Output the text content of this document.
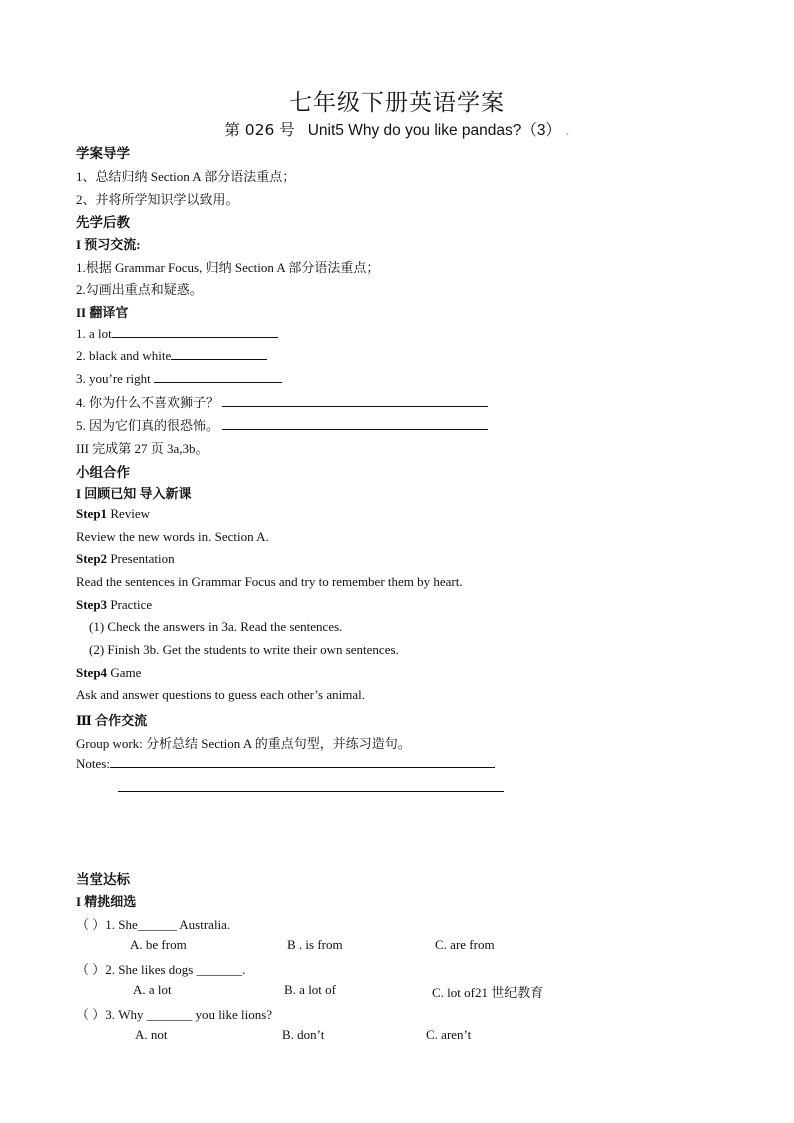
七年级下册英语学案
第 026 号 Unit5 Why do you like pandas?（3） .
学案导学
1、总结归纳 Section A 部分语法重点；
2、并将所学知识学以致用。
先学后教
I 预习交流:
1.根据 Grammar Focus, 归纳 Section A 部分语法重点；
2.勾画出重点和疑惑。
II 翻译官
1. a lot
2. black and white
3. you’re right
4. 你为什么不喜欢狮子？
5. 因为它们真的很恐怖。
III 完成第 27 页 3a,3b。
小组合作
I 回顾已知 导入新课
Step1 Review
Review the new words in. Section A.
Step2 Presentation
Read the sentences in Grammar Focus and try to remember them by heart.
Step3 Practice
(1) Check the answers in 3a. Read the sentences.
(2) Finish 3b. Get the students to write their own sentences.
Step4 Game
Ask and answer questions to guess each other’s animal.
Ⅲ 合作交流
Group work: 分析总结 Section A 的重点句型，并练习造句。
Notes:
当堂达标
I 精挑细选
（ ）1. She______ Australia.
A. be from	B . is from	C. are from
（ ）2. She likes dogs _______.
A. a lot	B. a lot of	C. lot of21 世纪教育
（ ）3. Why _______ you like lions?
A. not	B. don’t	C. aren’t
